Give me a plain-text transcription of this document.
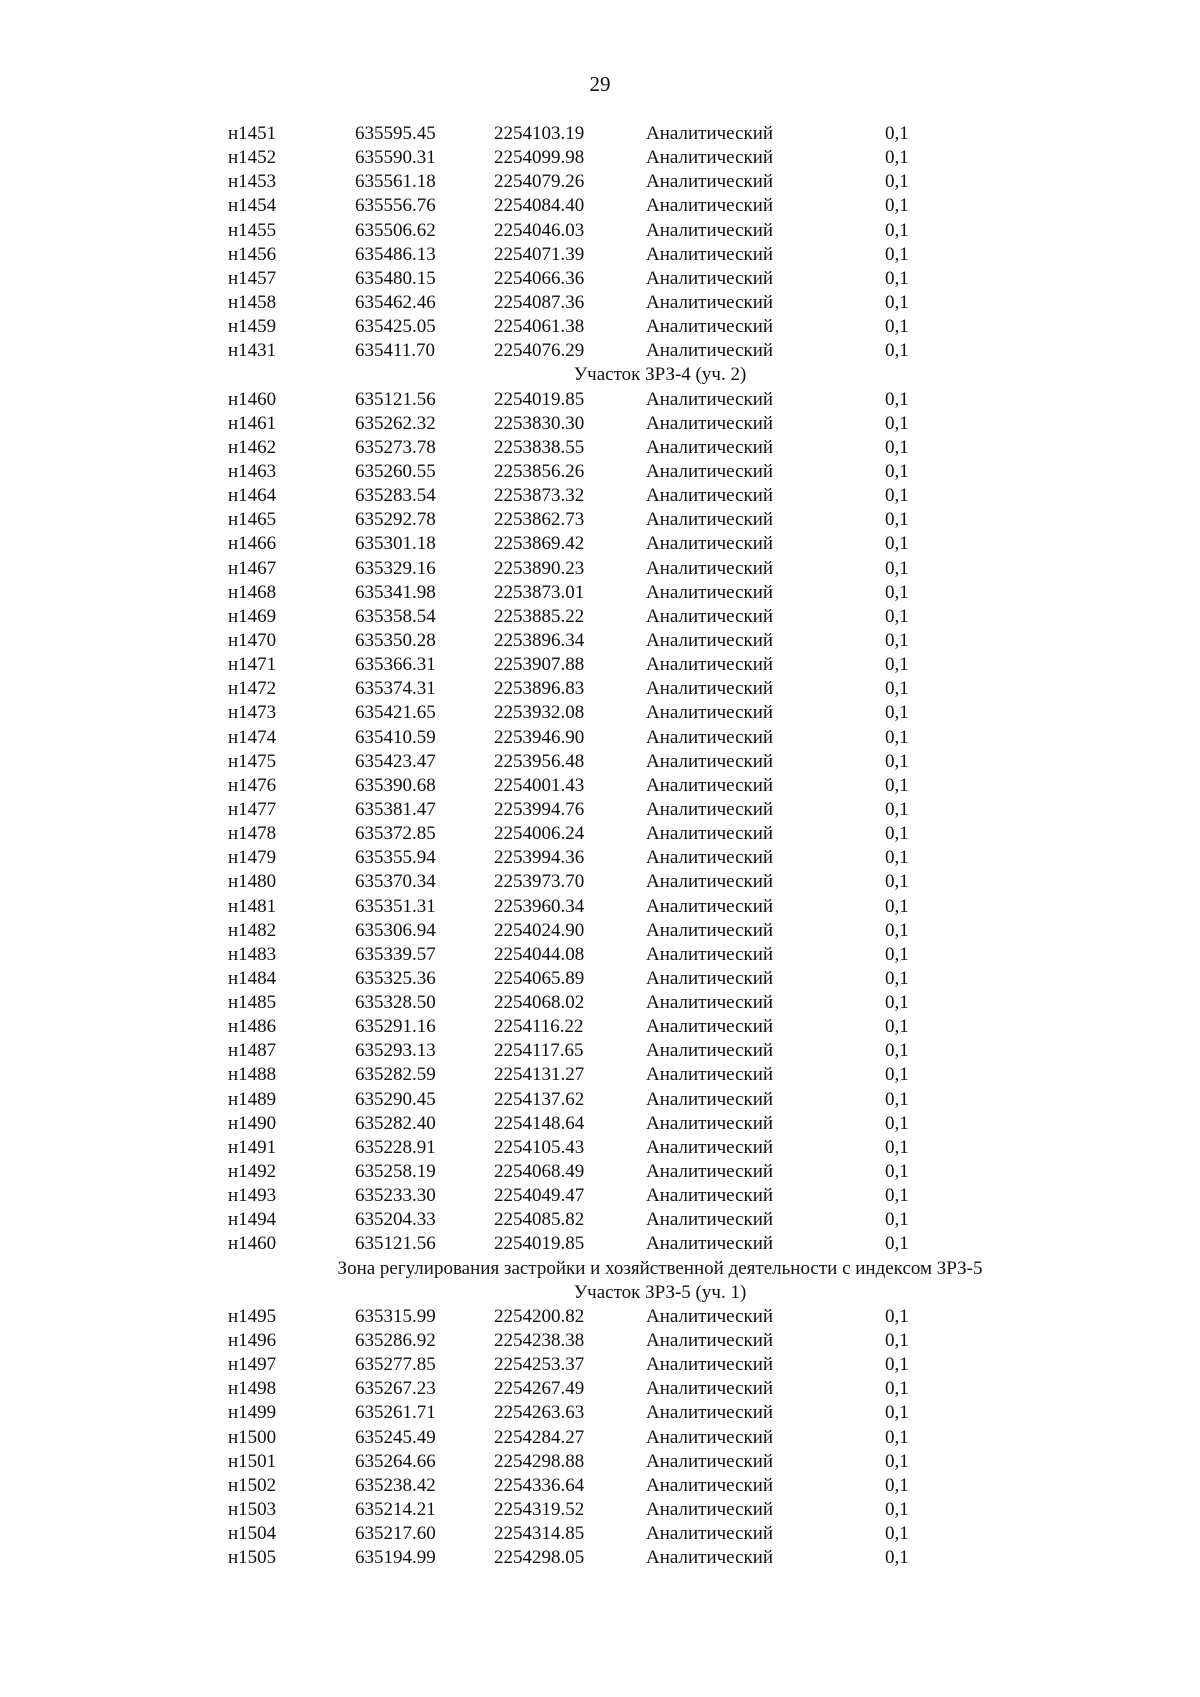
29
н1451	635595.45	2254103.19	Аналитический	0,1
н1452	635590.31	2254099.98	Аналитический	0,1
н1453	635561.18	2254079.26	Аналитический	0,1
н1454	635556.76	2254084.40	Аналитический	0,1
н1455	635506.62	2254046.03	Аналитический	0,1
н1456	635486.13	2254071.39	Аналитический	0,1
н1457	635480.15	2254066.36	Аналитический	0,1
н1458	635462.46	2254087.36	Аналитический	0,1
н1459	635425.05	2254061.38	Аналитический	0,1
н1431	635411.70	2254076.29	Аналитический	0,1
Участок ЗРЗ-4 (уч. 2)
н1460	635121.56	2254019.85	Аналитический	0,1
н1461	635262.32	2253830.30	Аналитический	0,1
н1462	635273.78	2253838.55	Аналитический	0,1
н1463	635260.55	2253856.26	Аналитический	0,1
н1464	635283.54	2253873.32	Аналитический	0,1
н1465	635292.78	2253862.73	Аналитический	0,1
н1466	635301.18	2253869.42	Аналитический	0,1
н1467	635329.16	2253890.23	Аналитический	0,1
н1468	635341.98	2253873.01	Аналитический	0,1
н1469	635358.54	2253885.22	Аналитический	0,1
н1470	635350.28	2253896.34	Аналитический	0,1
н1471	635366.31	2253907.88	Аналитический	0,1
н1472	635374.31	2253896.83	Аналитический	0,1
н1473	635421.65	2253932.08	Аналитический	0,1
н1474	635410.59	2253946.90	Аналитический	0,1
н1475	635423.47	2253956.48	Аналитический	0,1
н1476	635390.68	2254001.43	Аналитический	0,1
н1477	635381.47	2253994.76	Аналитический	0,1
н1478	635372.85	2254006.24	Аналитический	0,1
н1479	635355.94	2253994.36	Аналитический	0,1
н1480	635370.34	2253973.70	Аналитический	0,1
н1481	635351.31	2253960.34	Аналитический	0,1
н1482	635306.94	2254024.90	Аналитический	0,1
н1483	635339.57	2254044.08	Аналитический	0,1
н1484	635325.36	2254065.89	Аналитический	0,1
н1485	635328.50	2254068.02	Аналитический	0,1
н1486	635291.16	2254116.22	Аналитический	0,1
н1487	635293.13	2254117.65	Аналитический	0,1
н1488	635282.59	2254131.27	Аналитический	0,1
н1489	635290.45	2254137.62	Аналитический	0,1
н1490	635282.40	2254148.64	Аналитический	0,1
н1491	635228.91	2254105.43	Аналитический	0,1
н1492	635258.19	2254068.49	Аналитический	0,1
н1493	635233.30	2254049.47	Аналитический	0,1
н1494	635204.33	2254085.82	Аналитический	0,1
н1460	635121.56	2254019.85	Аналитический	0,1
Зона регулирования застройки и хозяйственной деятельности с индексом ЗРЗ-5
Участок ЗРЗ-5 (уч. 1)
н1495	635315.99	2254200.82	Аналитический	0,1
н1496	635286.92	2254238.38	Аналитический	0,1
н1497	635277.85	2254253.37	Аналитический	0,1
н1498	635267.23	2254267.49	Аналитический	0,1
н1499	635261.71	2254263.63	Аналитический	0,1
н1500	635245.49	2254284.27	Аналитический	0,1
н1501	635264.66	2254298.88	Аналитический	0,1
н1502	635238.42	2254336.64	Аналитический	0,1
н1503	635214.21	2254319.52	Аналитический	0,1
н1504	635217.60	2254314.85	Аналитический	0,1
н1505	635194.99	2254298.05	Аналитический	0,1
